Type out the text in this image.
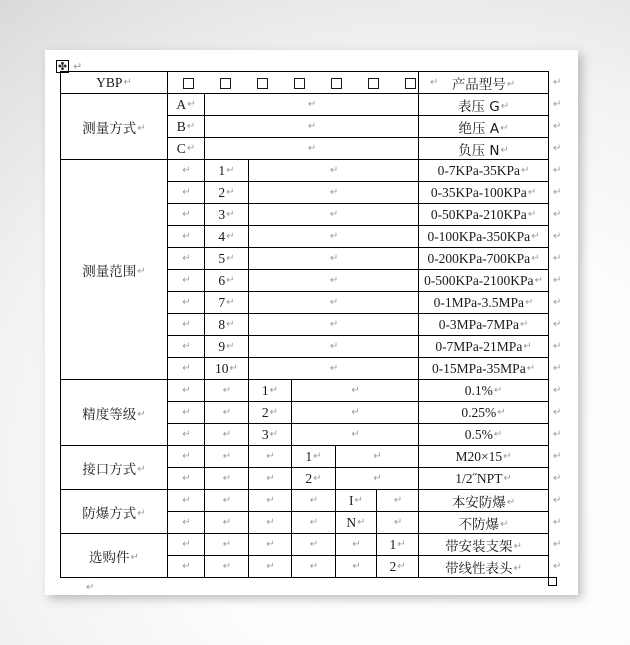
✤ ↵
YBP↵	↵						产品型号↵
测量方式↵	A↵	↵					表压 G↵
	B↵	↵					绝压 A↵
	C↵	↵					负压 N↵
测量范围↵	↵	1↵	↵				0-7KPa-35KPa↵
	↵	2↵	↵				0-35KPa-100KPa↵
	↵	3↵	↵				0-50KPa-210KPa↵
	↵	4↵	↵				0-100KPa-350KPa↵
	↵	5↵	↵				0-200KPa-700KPa↵
	↵	6↵	↵				0-500KPa-2100KPa↵
	↵	7↵	↵				0-1MPa-3.5MPa↵
	↵	8↵	↵				0-3MPa-7MPa↵
	↵	9↵	↵				0-7MPa-21MPa↵
	↵	10↵	↵				0-15MPa-35MPa↵
精度等级↵	↵	↵	1↵	↵			0.1%↵
	↵	↵	2↵	↵			0.25%↵
	↵	↵	3↵	↵			0.5%↵
接口方式↵	↵	↵	↵	1↵	↵		M20×15↵
	↵	↵	↵	2↵	↵		1/2˝NPT↵
防爆方式↵	↵	↵	↵	↵	I↵	↵	本安防爆↵
	↵	↵	↵	↵	N↵	↵	不防爆↵
选购件↵	↵	↵	↵	↵	↵	1↵	带安装支架↵
	↵	↵	↵	↵	↵	2↵	带线性表头↵
↵
↵
↵
↵
↵
↵
↵
↵
↵
↵
↵
↵
↵
↵
↵
↵
↵
↵
↵
↵
↵
↵
↵
↵
